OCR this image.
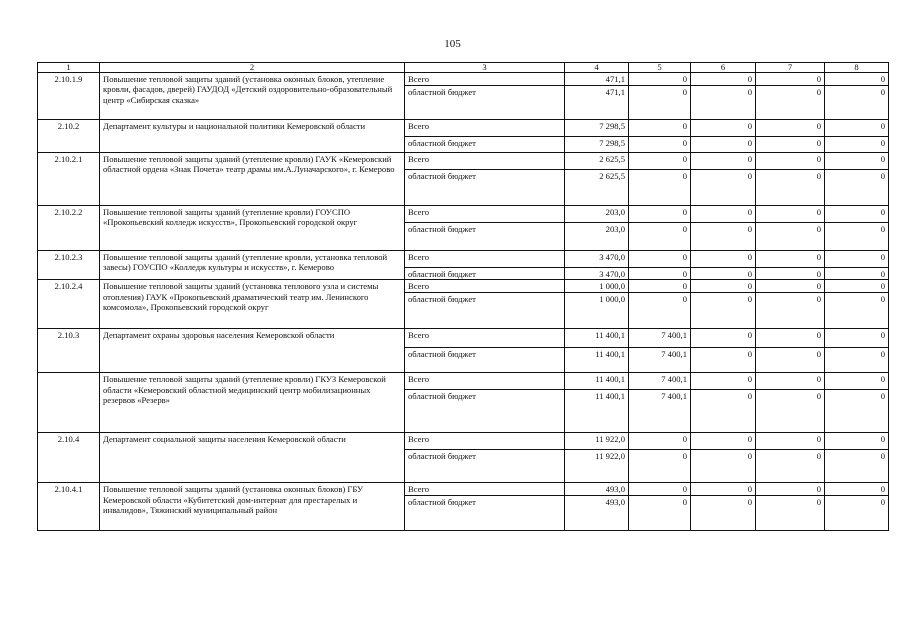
105
1	2	3	4	5	6	7	8
2.10.1.9	Повышение тепловой защиты зданий (установка оконных блоков, утепление кровли, фасадов, дверей) ГАУДОД «Детский оздоровительно-образовательный центр «Сибирская сказка»	Всего	471,1	0	0	0	0
		областной бюджет	471,1	0	0	0	0
2.10.2	Департамент культуры и национальной политики Кемеровской области	Всего	7 298,5	0	0	0	0
		областной бюджет	7 298,5	0	0	0	0
2.10.2.1	Повышение тепловой защиты зданий (утепление кровли) ГАУК «Кемеровский областной ордена «Знак Почета» театр драмы им.А.Луначарского», г. Кемерово	Всего	2 625,5	0	0	0	0
		областной бюджет	2 625,5	0	0	0	0
2.10.2.2	Повышение тепловой защиты зданий (утепление кровли) ГОУСПО «Прокопьевский колледж искусств», Прокопьевский городской округ	Всего	203,0	0	0	0	0
		областной бюджет	203,0	0	0	0	0
2.10.2.3	Повышение тепловой защиты зданий (утепление кровли, установка тепловой завесы) ГОУСПО «Колледж культуры и искусств», г. Кемерово	Всего	3 470,0	0	0	0	0
		областной бюджет	3 470,0	0	0	0	0
2.10.2.4	Повышение тепловой защиты зданий (установка теплового узла и системы отопления) ГАУК «Прокопьевский драматический театр им. Ленинского комсомола», Прокопьевский городской округ	Всего	1 000,0	0	0	0	0
		областной бюджет	1 000,0	0	0	0	0
2.10.3	Департамент охраны здоровья населения Кемеровской области	Всего	11 400,1	7 400,1	0	0	0
		областной бюджет	11 400,1	7 400,1	0	0	0
	Повышение тепловой защиты зданий (утепление кровли) ГКУЗ Кемеровской области «Кемеровский областной медицинский центр мобилизационных резервов «Резерв»	Всего	11 400,1	7 400,1	0	0	0
		областной бюджет	11 400,1	7 400,1	0	0	0
2.10.4	Департамент социальной защиты населения Кемеровской области	Всего	11 922,0	0	0	0	0
		областной бюджет	11 922,0	0	0	0	0
2.10.4.1	Повышение тепловой защиты зданий (установка оконных блоков) ГБУ Кемеровской области «Кубитетский дом-интернат для престарелых и инвалидов», Тяжинский муниципальный район	Всего	493,0	0	0	0	0
		областной бюджет	493,0	0	0	0	0
